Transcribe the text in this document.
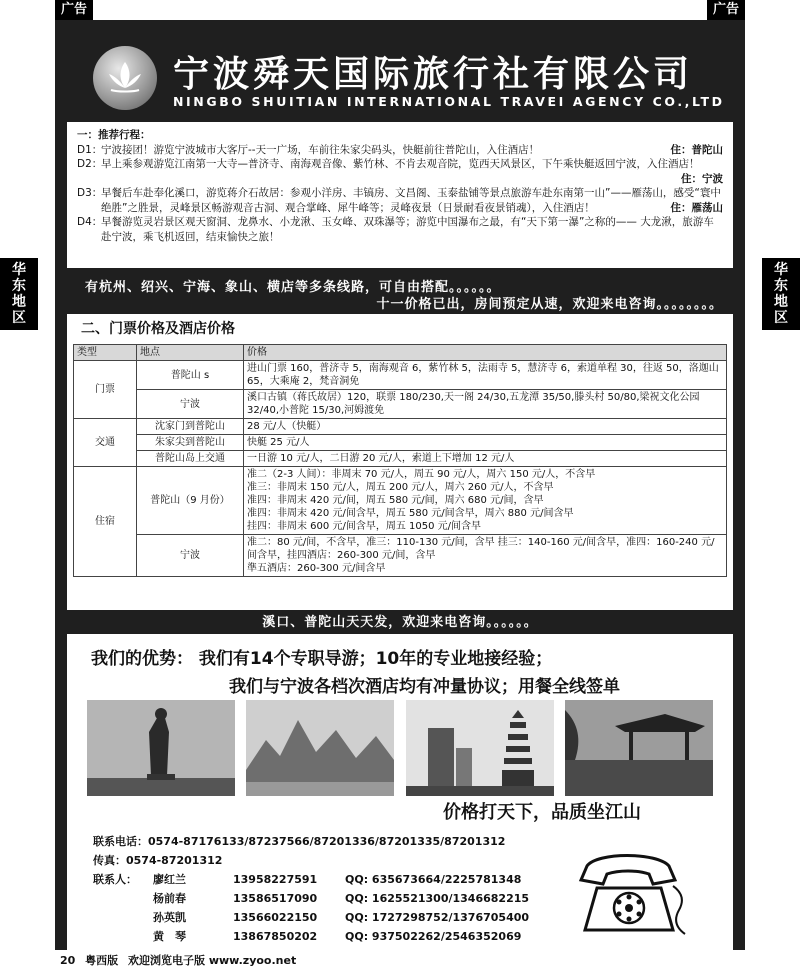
广告	广告
华东地区
华东地区
宁波舜天国际旅行社有限公司
NINGBO SHUITIAN INTERNATIONAL TRAVEI AGENCY CO.,LTD
一：推荐行程：
D1：
宁波接团！游览宁波城市大客厅--天一广场，车前往朱家尖码头，快艇前往普陀山，入住酒店！	住：普陀山
D2：
早上乘参观游览江南第一大寺—普济寺、南海观音像、紫竹林、不肯去观音院，览西天风景区，下午乘快艇返回宁波，入住酒店！
住：宁波
D3：
早餐后车赴奉化溪口，游览蒋介石故居：参观小洋房、丰镐房、文昌阁、玉泰盐铺等景点旅游车赴东南第一山”——雁荡山，感受“寰中绝胜”之胜景，灵峰景区畅游观音古洞、观合掌峰、犀牛峰等；灵峰夜景（日景耐看夜景销魂），入住酒店！	住：雁荡山
D4：
早餐游览灵岩景区观天窗洞、龙鼻水、小龙湫、玉女峰、双珠瀑等；游览中国瀑布之最，有“天下第一瀑”之称的—— 大龙湫，旅游车赴宁波，乘飞机返回，结束愉快之旅！
有杭州、绍兴、宁海、象山、横店等多条线路，可自由搭配。。。。。。
十一价格已出，房间预定从速，欢迎来电咨询。。。。。。。。
二、门票价格及酒店价格
类型	地点	价格
门票	普陀山 s	进山门票 160，普济寺 5，南海观音 6，紫竹林 5，法雨寺 5，慧济寺 6，索道单程 30，往返 50，洛迦山 65，大乘庵 2，梵音洞免
	宁波	溪口古镇（蒋氏故居）120，联票 180/230,天一阁 24/30,五龙潭 35/50,滕头村 50/80,梁祝文化公园 32/40,小普陀 15/30,河姆渡免
交通	沈家门到普陀山	28 元/人（快艇）
	朱家尖到普陀山	快艇 25 元/人
	普陀山岛上交通	一日游 10 元/人，二日游 20 元/人，索道上下增加 12 元/人
住宿	普陀山（9 月份）	准二（2-3 人间）：非周末 70 元/人，周五 90 元/人，周六 150 元/人，不含早
准三：非周末 150 元/人，周五 200 元/人，周六 260 元/人，不含早
准四：非周末 420 元/间，周五 580 元/间，周六 680 元/间，含早
准四：非周末 420 元/间含早，周五 580 元/间含早，周六 880 元/间含早
挂四：非周末 600 元/间含早，周五 1050 元/间含早
	宁波	准二：80 元/间，不含早，准三：110-130 元/间，含早 挂三：140-160 元/间含早，准四：160-240 元/间含早，挂四酒店：260-300 元/间，含早
準五酒店：260-300 元/间含早
溪口、普陀山天天发，欢迎来电咨询。。。。。。
我们的优势： 我们有14个专职导游；10年的专业地接经验；
我们与宁波各档次酒店均有冲量协议；用餐全线签单
价格打天下，品质坐江山
联系电话： 0574-87176133/87237566/87201336/87201335/87201312
传真： 0574-87201312
联系人：	廖红兰	13958227591	QQ: 635673664/2225781348
杨前春	13586517090	QQ: 1625521300/1346682215
孙英凯	13566022150	QQ: 1727298752/1376705400
黄　琴	13867850202	QQ: 937502262/2546352069
20 粤西版 欢迎浏览电子版 www.zyoo.net
